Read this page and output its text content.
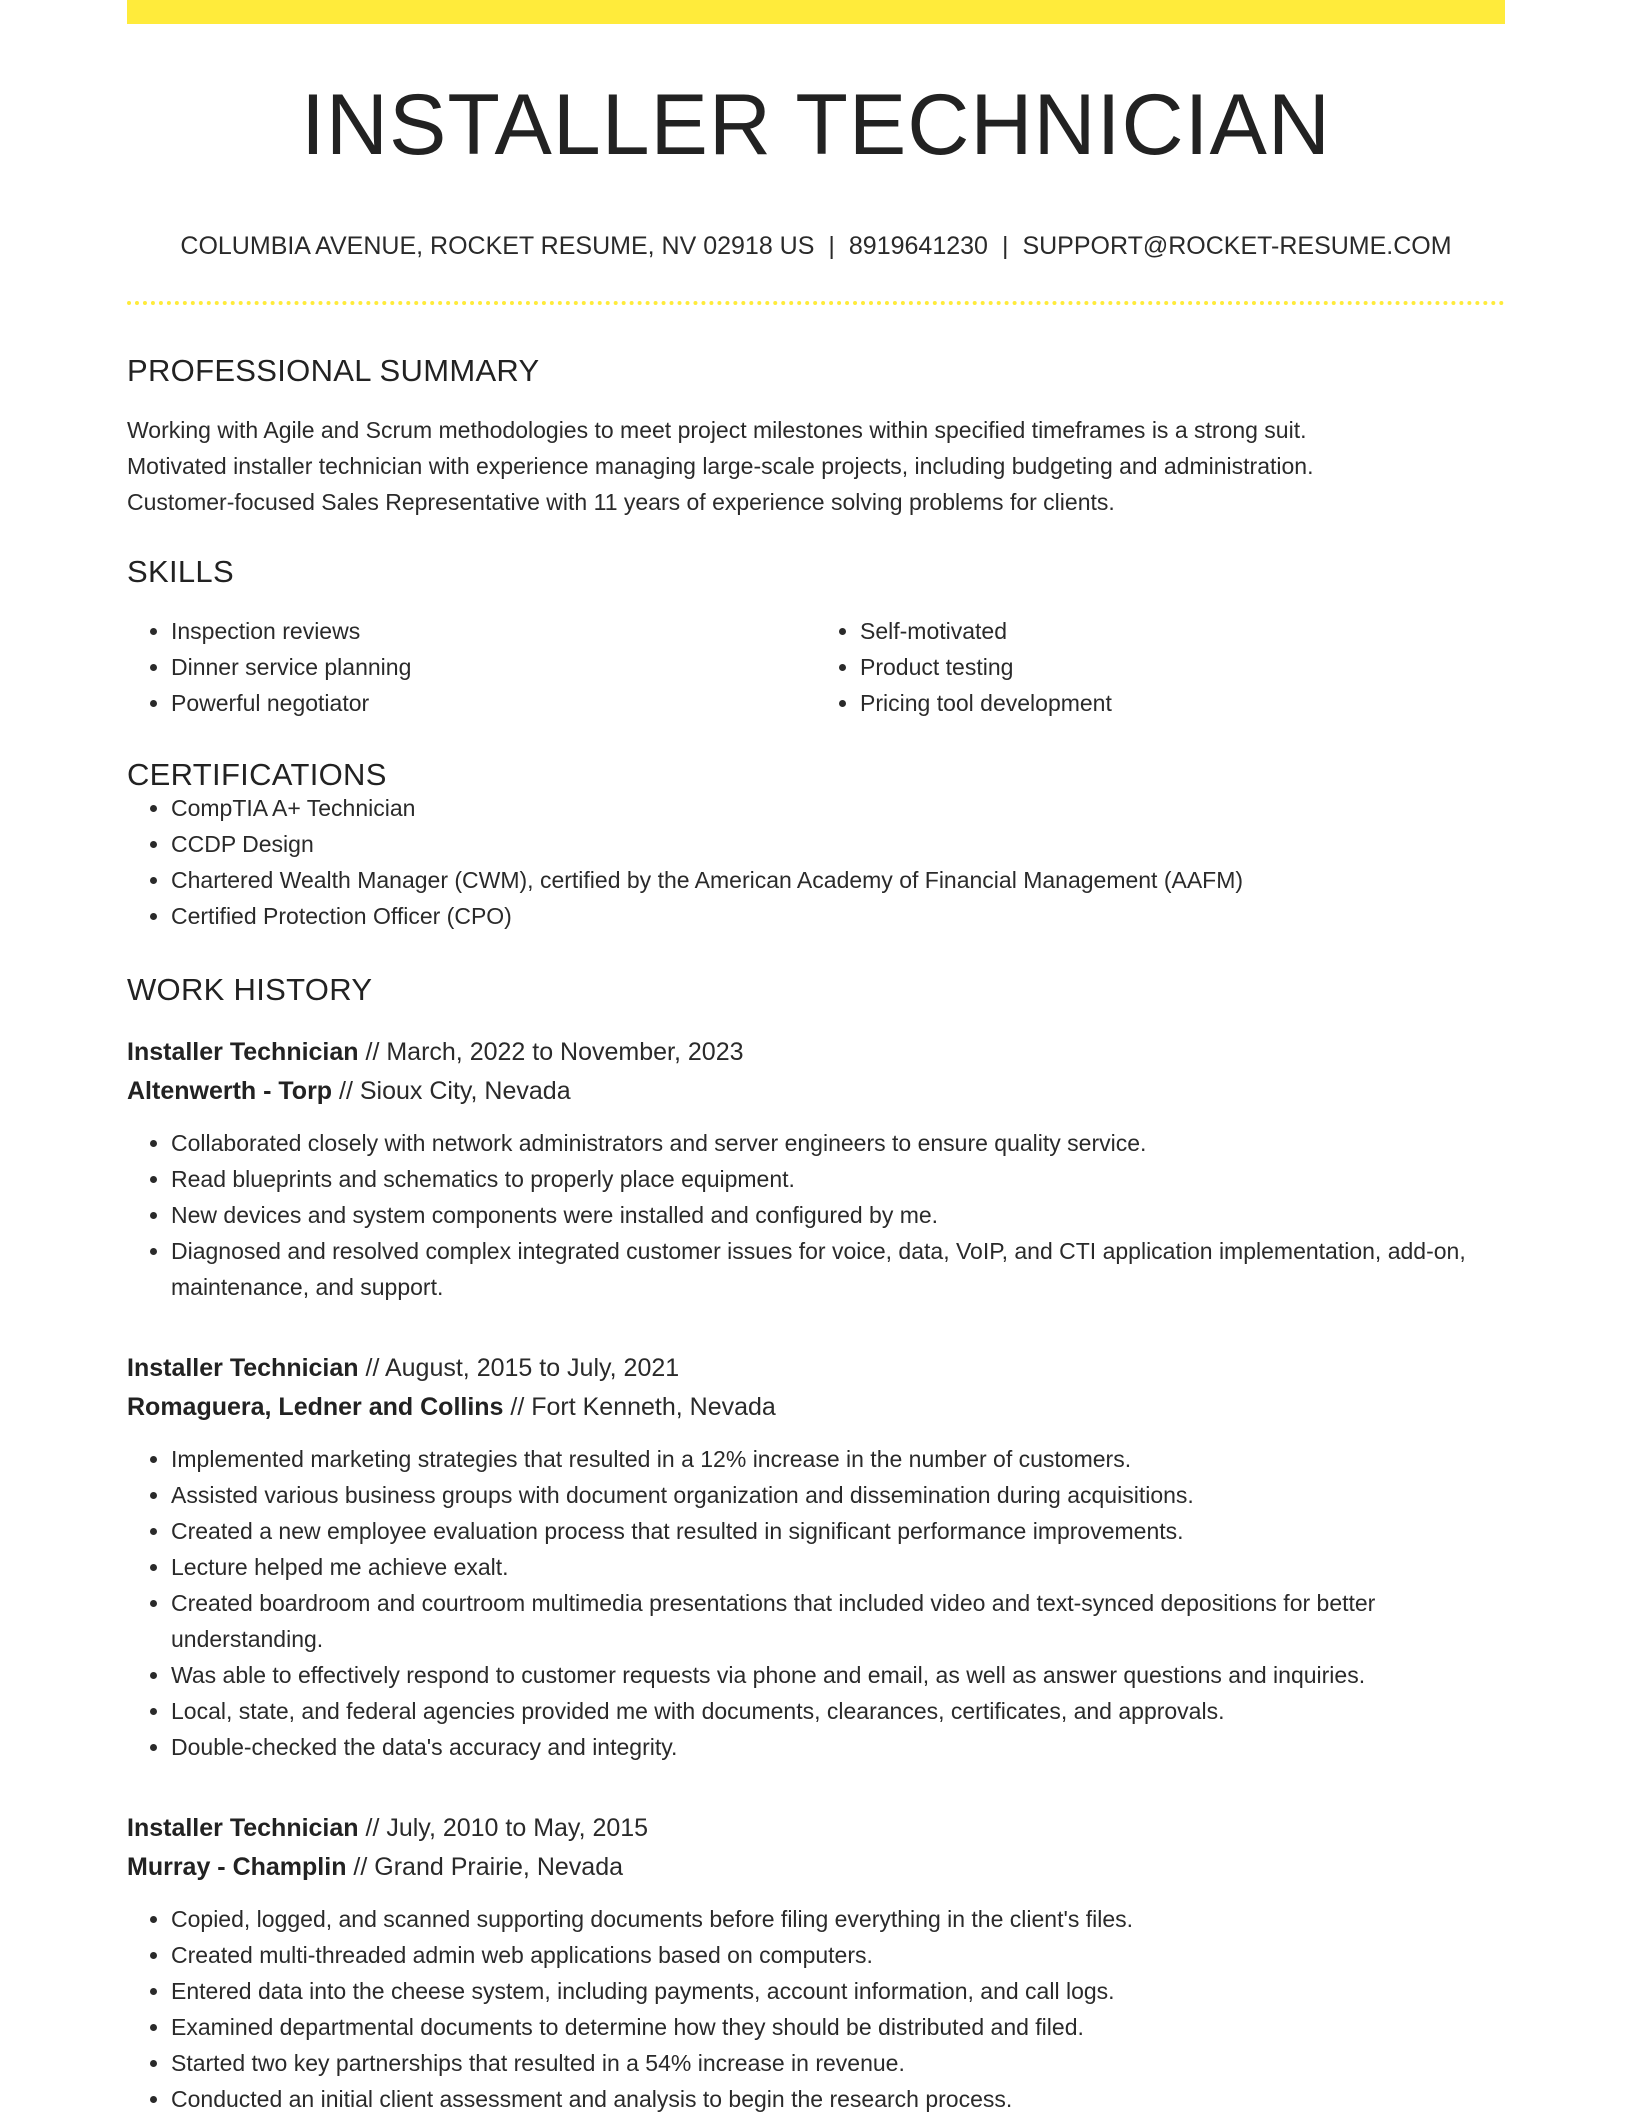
INSTALLER TECHNICIAN
COLUMBIA AVENUE, ROCKET RESUME, NV 02918 US | 8919641230 | SUPPORT@ROCKET-RESUME.COM
PROFESSIONAL SUMMARY

Working with Agile and Scrum methodologies to meet project milestones within specified timeframes is a strong suit.

Motivated installer technician with experience managing large-scale projects, including budgeting and administration.

Customer-focused Sales Representative with 11 years of experience solving problems for clients.

SKILLS
• Inspection reviews
• Dinner service planning
• Powerful negotiator
• Self-motivated
• Product testing
• Pricing tool development
CERTIFICATIONS
• CompTIA A+ Technician
• CCDP Design
• Chartered Wealth Manager (CWM), certified by the American Academy of Financial Management (AAFM)
• Certified Protection Officer (CPO)
WORK HISTORY
Installer Technician // March, 2022 to November, 2023
Altenwerth - Torp // Sioux City, Nevada
• Collaborated closely with network administrators and server engineers to ensure quality service.
• Read blueprints and schematics to properly place equipment.
• New devices and system components were installed and configured by me.
• Diagnosed and resolved complex integrated customer issues for voice, data, VoIP, and CTI application implementation, add-on, maintenance, and support.
Installer Technician // August, 2015 to July, 2021
Romaguera, Ledner and Collins // Fort Kenneth, Nevada
• Implemented marketing strategies that resulted in a 12% increase in the number of customers.
• Assisted various business groups with document organization and dissemination during acquisitions.
• Created a new employee evaluation process that resulted in significant performance improvements.
• Lecture helped me achieve exalt.
• Created boardroom and courtroom multimedia presentations that included video and text-synced depositions for better understanding.
• Was able to effectively respond to customer requests via phone and email, as well as answer questions and inquiries.
• Local, state, and federal agencies provided me with documents, clearances, certificates, and approvals.
• Double-checked the data's accuracy and integrity.
Installer Technician // July, 2010 to May, 2015
Murray - Champlin // Grand Prairie, Nevada
• Copied, logged, and scanned supporting documents before filing everything in the client's files.
• Created multi-threaded admin web applications based on computers.
• Entered data into the cheese system, including payments, account information, and call logs.
• Examined departmental documents to determine how they should be distributed and filed.
• Started two key partnerships that resulted in a 54% increase in revenue.
• Conducted an initial client assessment and analysis to begin the research process.
